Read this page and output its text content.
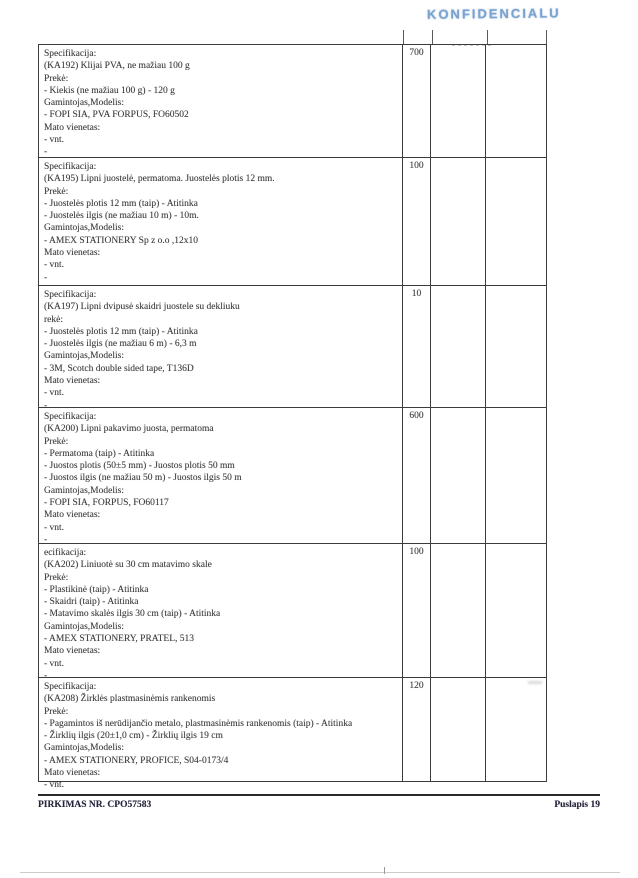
KONFIDENCIALU
Specifikacija:
(KA192) Klijai PVA, ne mažiau 100 g
Prekė:
- Kiekis (ne mažiau 100 g) - 120 g
Gamintojas,Modelis:
- FOPI SIA, PVA FORPUS, FO60502
Mato vienetas:
- vnt.
-
700
Specifikacija:
(KA195) Lipni juostelė, permatoma. Juostelės plotis 12 mm.
Prekė:
- Juostelės plotis 12 mm (taip) - Atitinka
- Juostelės ilgis (ne mažiau 10 m) - 10m.
Gamintojas,Modelis:
- AMEX STATIONERY Sp z o.o ,12x10
Mato vienetas:
- vnt.
-
100
Specifikacija:
(KA197) Lipni dvipusė skaidri juostele su dekliuku
rekė:
- Juostelės plotis 12 mm (taip) - Atitinka
- Juostelės ilgis (ne mažiau 6 m) - 6,3 m
Gamintojas,Modelis:
- 3M, Scotch double sided tape, T136D
Mato vienetas:
- vnt.
-
10
Specifikacija:
(KA200) Lipni pakavimo juosta, permatoma
Prekė:
- Permatoma (taip) - Atitinka
- Juostos plotis (50±5 mm) - Juostos plotis 50 mm
- Juostos ilgis (ne mažiau 50 m) - Juostos ilgis 50 m
Gamintojas,Modelis:
- FOPI SIA, FORPUS, FO60117
Mato vienetas:
- vnt.
-
600
ecifikacija:
(KA202) Liniuotė su 30 cm matavimo skale
Prekė:
- Plastikinė (taip) - Atitinka
- Skaidri (taip) - Atitinka
- Matavimo skalės ilgis 30 cm (taip) - Atitinka
Gamintojas,Modelis:
- AMEX STATIONERY, PRATEL, 513
Mato vienetas:
- vnt.
-
100
Specifikacija:
(KA208) Žirklės plastmasinėmis rankenomis
Prekė:
- Pagamintos iš nerūdijančio metalo, plastmasinėmis rankenomis (taip) - Atitinka
- Žirklių ilgis (20±1,0 cm) - Žirklių ilgis 19 cm
Gamintojas,Modelis:
- AMEX STATIONERY, PROFICE, S04-0173/4
Mato vienetas:
- vnt.
120
PIRKIMAS NR. CPO57583	Puslapis 19
